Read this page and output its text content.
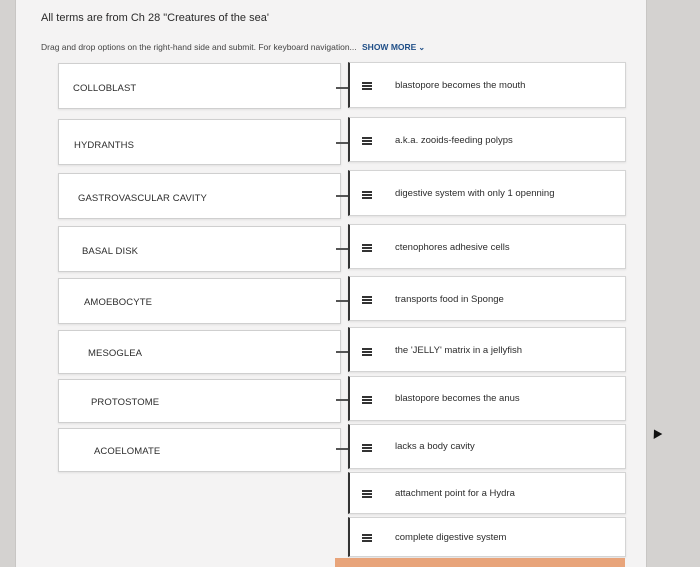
All terms are from Ch 28 "Creatures of the sea'
Drag and drop options on the right-hand side and submit. For keyboard navigation... SHOW MORE ⌄
COLLOBLAST
HYDRANTHS
GASTROVASCULAR CAVITY
BASAL DISK
AMOEBOCYTE
MESOGLEA
PROTOSTOME
ACOELOMATE
blastopore becomes the mouth
a.k.a. zooids-feeding polyps
digestive system with only 1 openning
ctenophores adhesive cells
transports food in Sponge
the 'JELLY' matrix in a jellyfish
blastopore becomes the anus
lacks a body cavity
attachment point for a Hydra
complete digestive system
